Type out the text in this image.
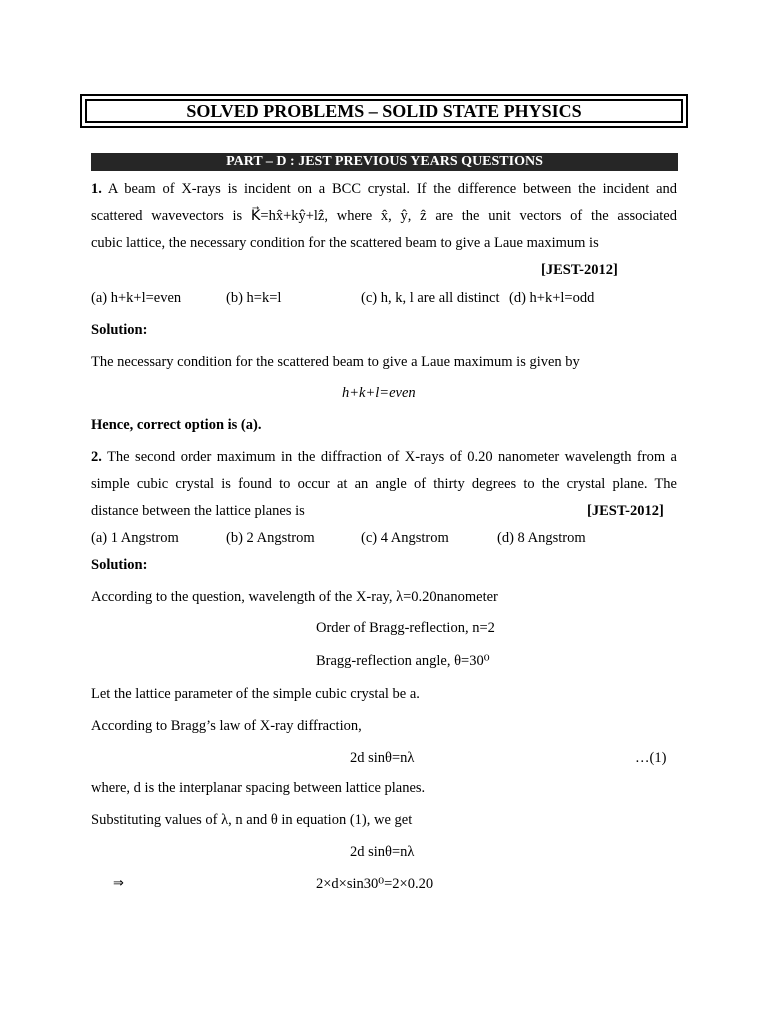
SOLVED PROBLEMS – SOLID STATE PHYSICS
PART – D : JEST PREVIOUS YEARS QUESTIONS
1. A beam of X-rays is incident on a BCC crystal. If the difference between the incident and
scattered wavevectors is K⃗=hx̂+kŷ+lẑ, where x̂, ŷ, ẑ are the unit vectors of the associated
cubic lattice, the necessary condition for the scattered beam to give a Laue maximum is
[JEST-2012]
(a) h+k+l=even	(b) h=k=l	(c) h, k, l are all distinct (d) h+k+l=odd
Solution:
The necessary condition for the scattered beam to give a Laue maximum is given by
h+k+l=even
Hence, correct option is (a).
2. The second order maximum in the diffraction of X-rays of 0.20 nanometer wavelength from a
simple cubic crystal is found to occur at an angle of thirty degrees to the crystal plane. The
distance between the lattice planes is	[JEST-2012]
(a) 1 Angstrom	(b) 2 Angstrom	(c) 4 Angstrom	(d) 8 Angstrom
Solution:
According to the question, wavelength of the X-ray, λ=0.20nanometer
Order of Bragg-reflection, n=2
Bragg-reflection angle, θ=30⁰
Let the lattice parameter of the simple cubic crystal be a.
According to Bragg’s law of X-ray diffraction,
2d sinθ=nλ	…(1)
where, d is the interplanar spacing between lattice planes.
Substituting values of λ, n and θ in equation (1), we get
2d sinθ=nλ
⇒	2×d×sin30⁰=2×0.20
